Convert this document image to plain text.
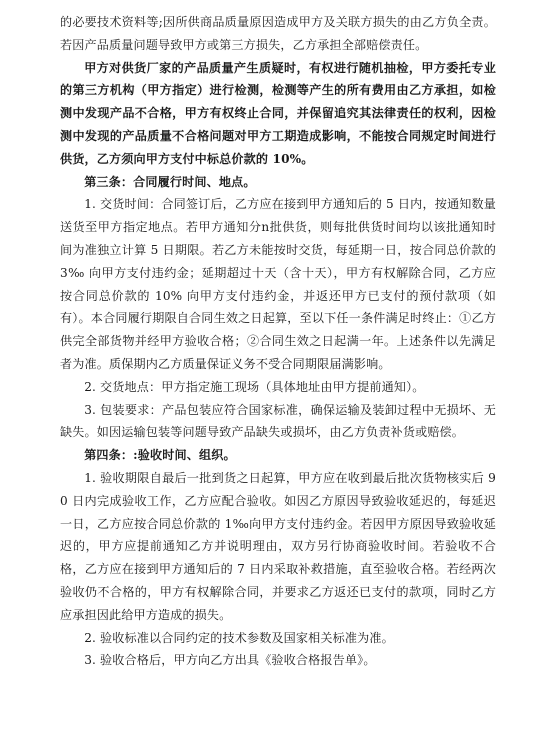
的必要技术资料等;因所供商品质量原因造成甲方及关联方损失的由乙方负全责。若因产品质量问题导致甲方或第三方损失，乙方承担全部赔偿责任。

甲方对供货厂家的产品质量产生质疑时，有权进行随机抽检，甲方委托专业的第三方机构（甲方指定）进行检测，检测等产生的所有费用由乙方承担，如检测中发现产品不合格，甲方有权终止合同，并保留追究其法律责任的权利，因检测中发现的产品质量不合格问题对甲方工期造成影响，不能按合同规定时间进行供货，乙方须向甲方支付中标总价款的 10%。

第三条：合同履行时间、地点。

1. 交货时间：合同签订后，乙方应在接到甲方通知后的 5 日内，按通知数量送货至甲方指定地点。若甲方通知分n批供货，则每批供货时间均以该批通知时间为准独立计算 5 日期限。若乙方未能按时交货，每延期一日，按合同总价款的 3‰ 向甲方支付违约金；延期超过十天（含十天），甲方有权解除合同，乙方应按合同总价款的 10% 向甲方支付违约金，并返还甲方已支付的预付款项（如有）。本合同履行期限自合同生效之日起算，至以下任一条件满足时终止：①乙方供完全部货物并经甲方验收合格；②合同生效之日起满一年。上述条件以先满足者为准。质保期内乙方质量保证义务不受合同期限届满影响。

2. 交货地点：甲方指定施工现场（具体地址由甲方提前通知）。

3. 包装要求：产品包装应符合国家标准，确保运输及装卸过程中无损坏、无缺失。如因运输包装等问题导致产品缺失或损坏，由乙方负责补货或赔偿。

第四条：:验收时间、组织。

1. 验收期限自最后一批到货之日起算，甲方应在收到最后批次货物核实后 90 日内完成验收工作，乙方应配合验收。如因乙方原因导致验收延迟的，每延迟一日，乙方应按合同总价款的 1‰向甲方支付违约金。若因甲方原因导致验收延迟的，甲方应提前通知乙方并说明理由，双方另行协商验收时间。若验收不合格，乙方应在接到甲方通知后的 7 日内采取补救措施，直至验收合格。若经两次验收仍不合格的，甲方有权解除合同，并要求乙方返还已支付的款项，同时乙方应承担因此给甲方造成的损失。

2. 验收标准以合同约定的技术参数及国家相关标准为准。

3. 验收合格后，甲方向乙方出具《验收合格报告单》。
